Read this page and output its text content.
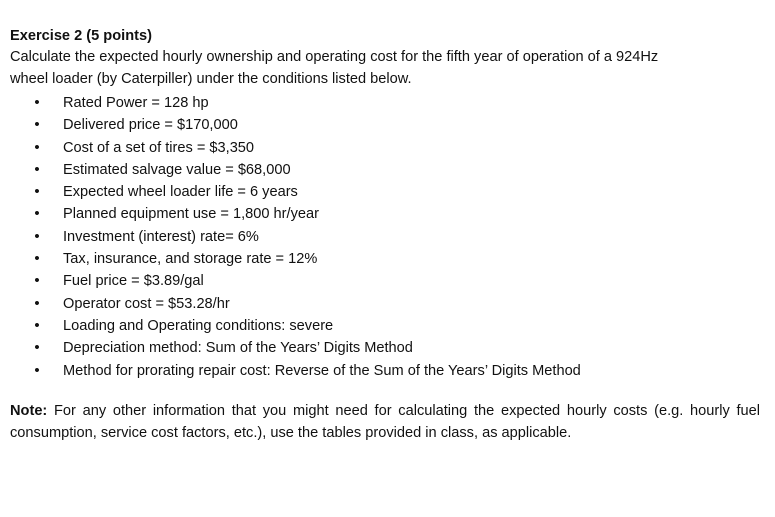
Exercise 2 (5 points)

Calculate the expected hourly ownership and operating cost for the fifth year of operation of a 924Hz
wheel loader (by Caterpiller) under the conditions listed below.

• Rated Power = 128 hp
• Delivered price = $170,000
• Cost of a set of tires = $3,350
• Estimated salvage value = $68,000
• Expected wheel loader life = 6 years
• Planned equipment use = 1,800 hr/year
• Investment (interest) rate= 6%
• Tax, insurance, and storage rate = 12%
• Fuel price = $3.89/gal
• Operator cost = $53.28/hr
• Loading and Operating conditions: severe
• Depreciation method: Sum of the Years’ Digits Method
• Method for prorating repair cost: Reverse of the Sum of the Years’ Digits Method
Note: For any other information that you might need for calculating the expected hourly costs (e.g. hourly fuel consumption, service cost factors, etc.), use the tables provided in class, as applicable.
